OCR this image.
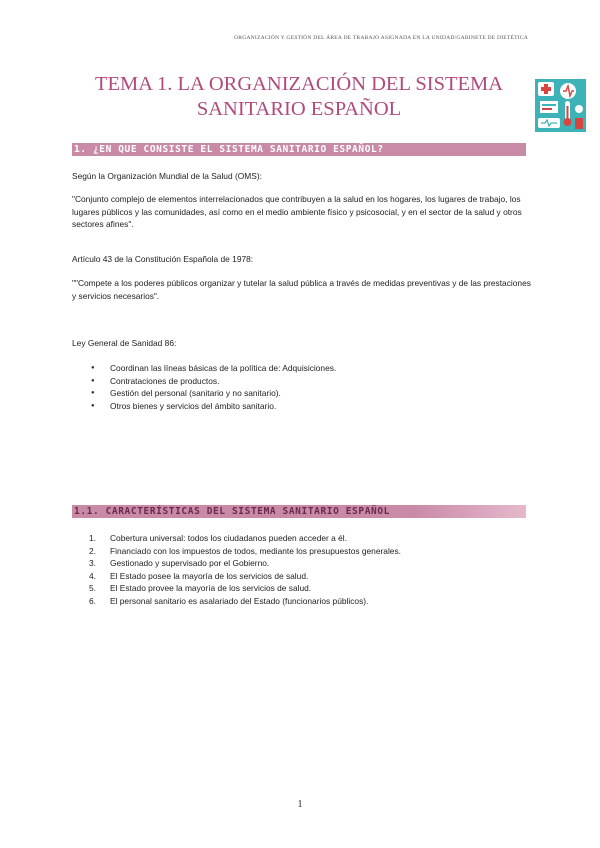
ORGANIZACIÓN Y GESTIÓN DEL ÁREA DE TRABAJO ASIGNADA EN LA UNIDAD/GABINETE DE DIETÉTICA
TEMA 1. LA ORGANIZACIÓN DEL SISTEMA
SANITARIO ESPAÑOL
1. ¿EN QUE CONSISTE EL SISTEMA SANITARIO ESPAÑOL?
Según la Organización Mundial de la Salud (OMS):
"Conjunto complejo de elementos interrelacionados que contribuyen a la salud en los hogares, los lugares de trabajo, los lugares públicos y las comunidades, así como en el medio ambiente físico y psicosocial, y en el sector de la salud y otros sectores afines".
Artículo 43 de la Constitución Española de 1978:
""Compete a los poderes públicos organizar y tutelar la salud pública a través de medidas preventivas y de las prestaciones y servicios necesarios".
Ley General de Sanidad 86:
● Coordinan las líneas básicas de la política de: Adquisiciones.
● Contrataciones de productos.
● Gestión del personal (sanitario y no sanitario).
● Otros bienes y servicios del ámbito sanitario.
1.1. CARACTERÍSTICAS DEL SISTEMA SANITARIO ESPAÑOL
1. Cobertura universal: todos los ciudadanos pueden acceder a él.
2. Financiado con los impuestos de todos, mediante los presupuestos generales.
3. Gestionado y supervisado por el Gobierno.
4. El Estado posee la mayoría de los servicios de salud.
5. El Estado provee la mayoría de los servicios de salud.
6. El personal sanitario es asalariado del Estado (funcionarios públicos).
1
